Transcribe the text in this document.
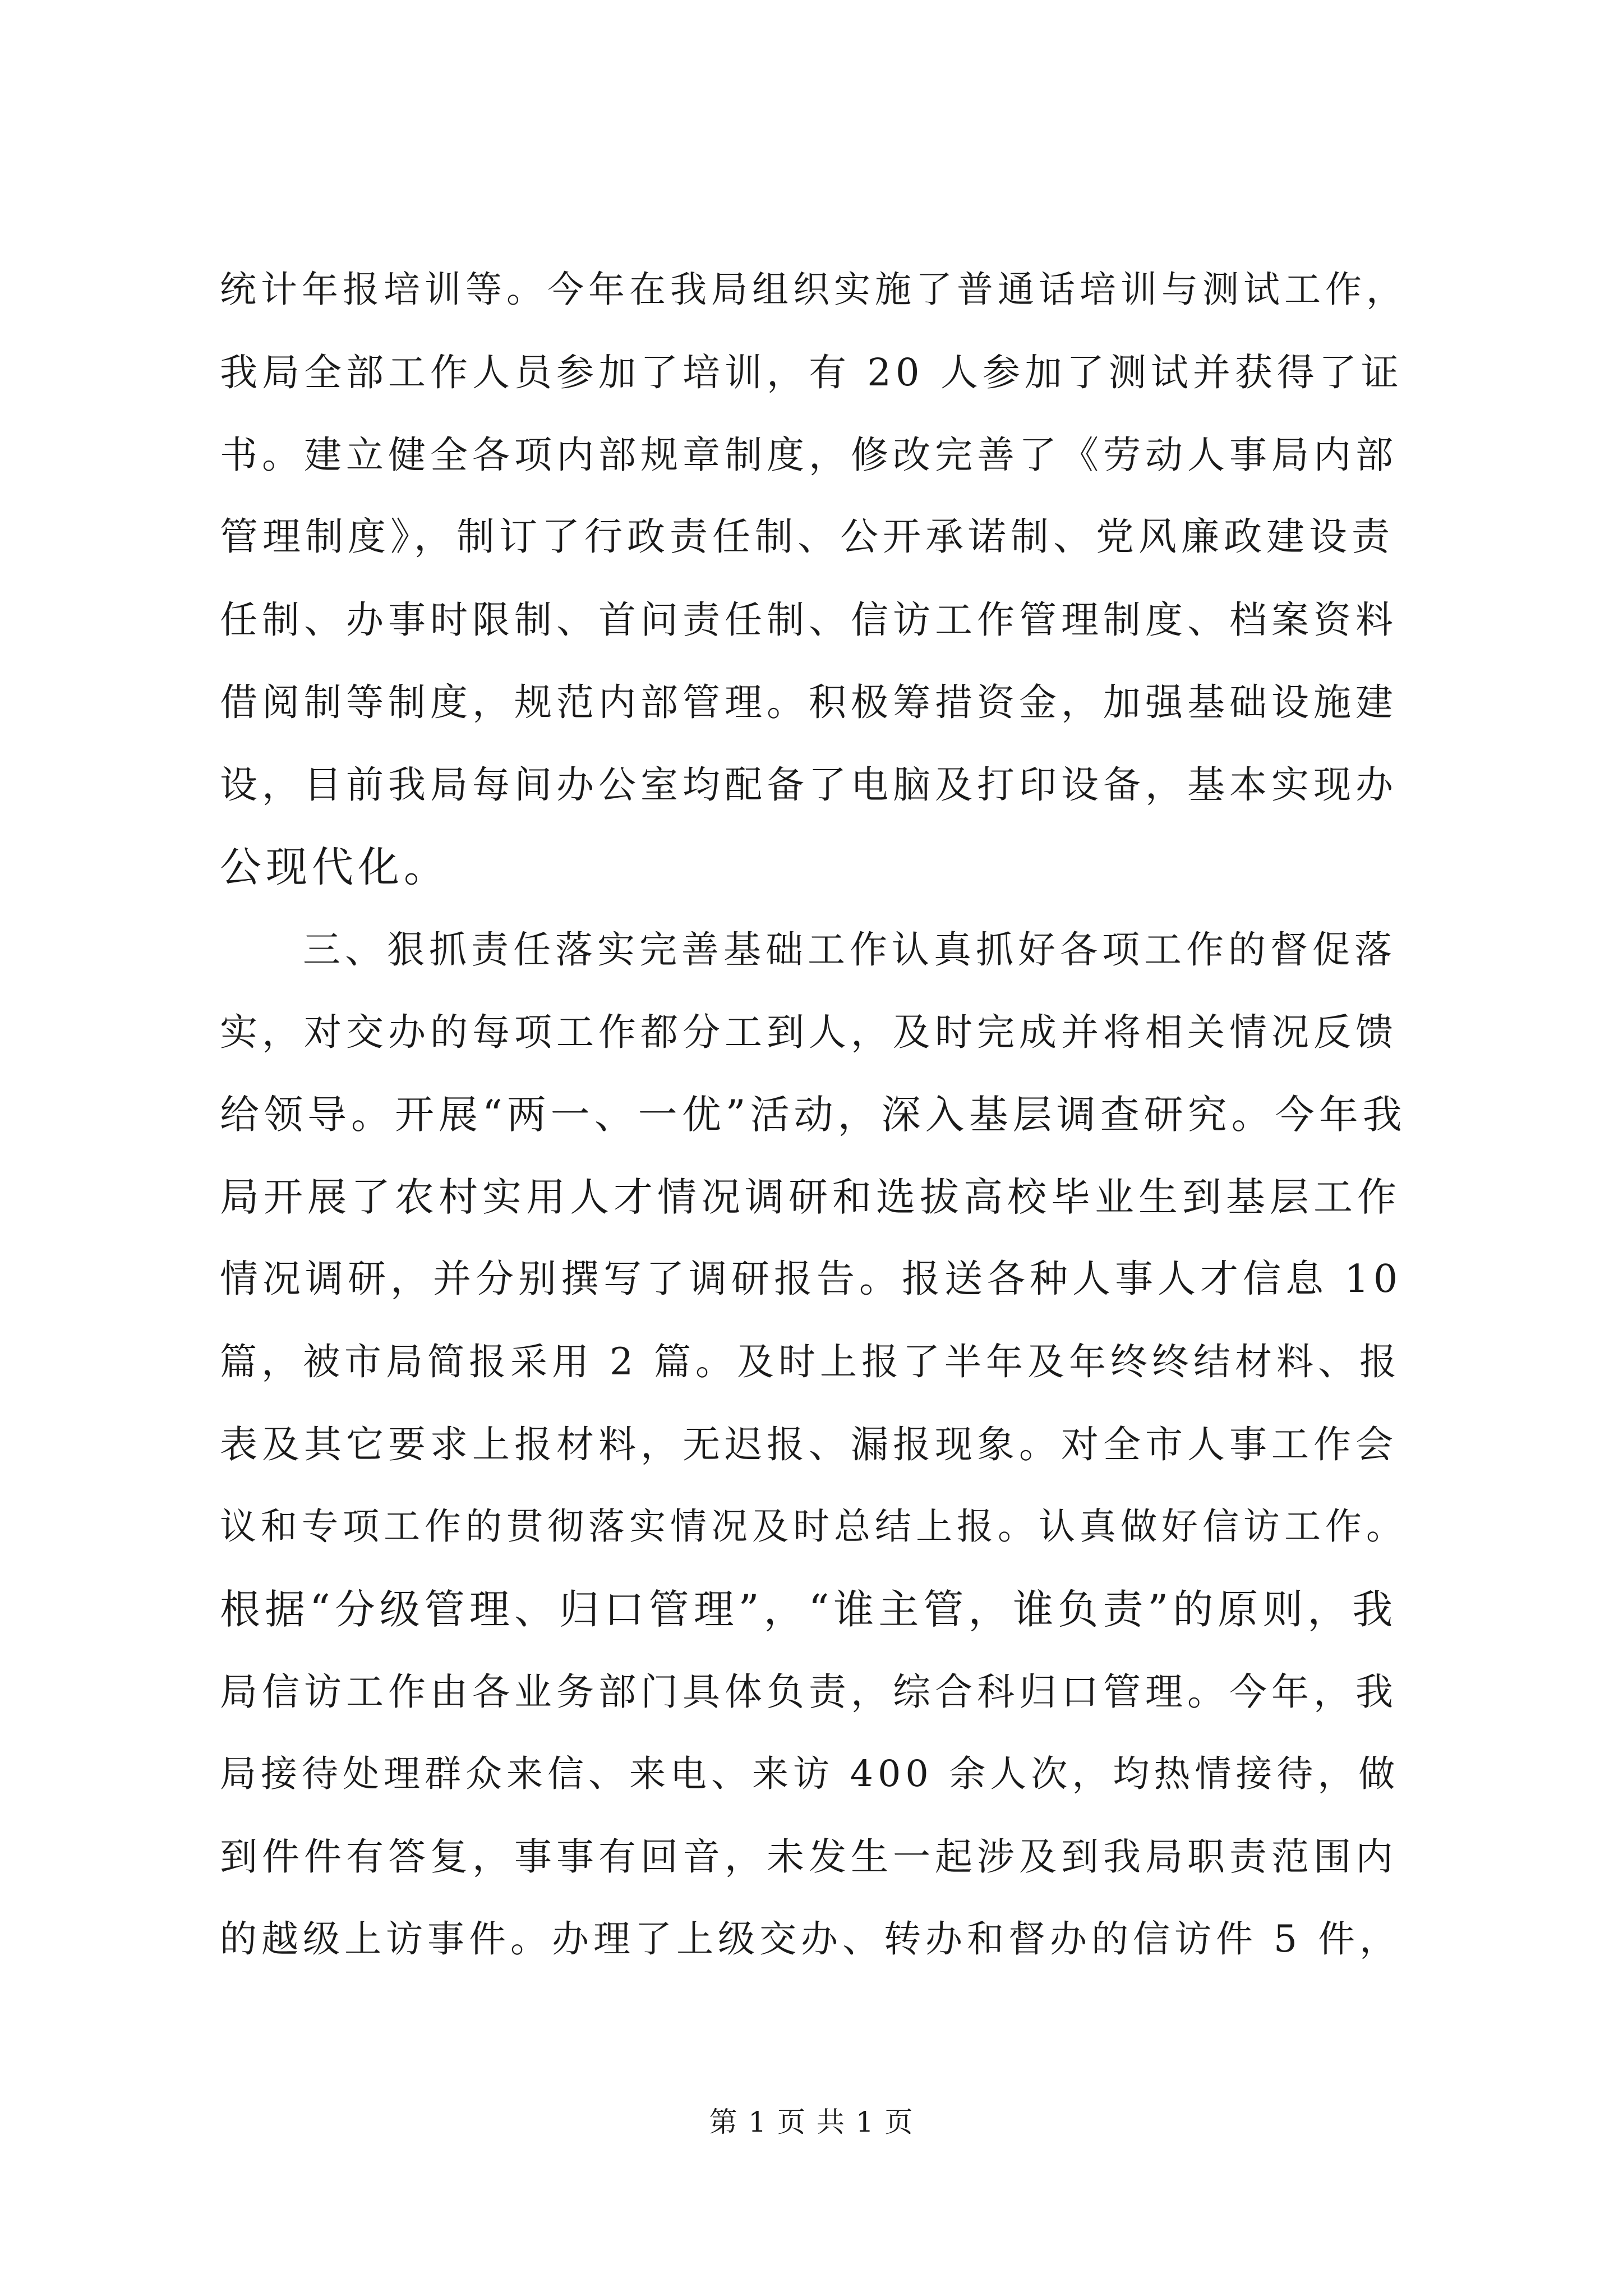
统计年报培训等。今年在我局组织实施了普通话培训与测试工作，
我局全部工作人员参加了培训，有 20 人参加了测试并获得了证
书。建立健全各项内部规章制度，修改完善了《劳动人事局内部
管理制度》，制订了行政责任制、公开承诺制、党风廉政建设责
任制、办事时限制、首问责任制、信访工作管理制度、档案资料
借阅制等制度，规范内部管理。积极筹措资金，加强基础设施建
设，目前我局每间办公室均配备了电脑及打印设备，基本实现办
公现代化。
三、狠抓责任落实完善基础工作认真抓好各项工作的督促落
实，对交办的每项工作都分工到人，及时完成并将相关情况反馈
给领导。开展“两一、一优”活动，深入基层调查研究。今年我
局开展了农村实用人才情况调研和选拔高校毕业生到基层工作
情况调研，并分别撰写了调研报告。报送各种人事人才信息 10
篇，被市局简报采用 2 篇。及时上报了半年及年终终结材料、报
表及其它要求上报材料，无迟报、漏报现象。对全市人事工作会
议和专项工作的贯彻落实情况及时总结上报。认真做好信访工作。
根据“分级管理、归口管理”，“谁主管，谁负责”的原则，我
局信访工作由各业务部门具体负责，综合科归口管理。今年，我
局接待处理群众来信、来电、来访 400 余人次，均热情接待，做
到件件有答复，事事有回音，未发生一起涉及到我局职责范围内
的越级上访事件。办理了上级交办、转办和督办的信访件 5 件，
第 1 页 共 1 页
